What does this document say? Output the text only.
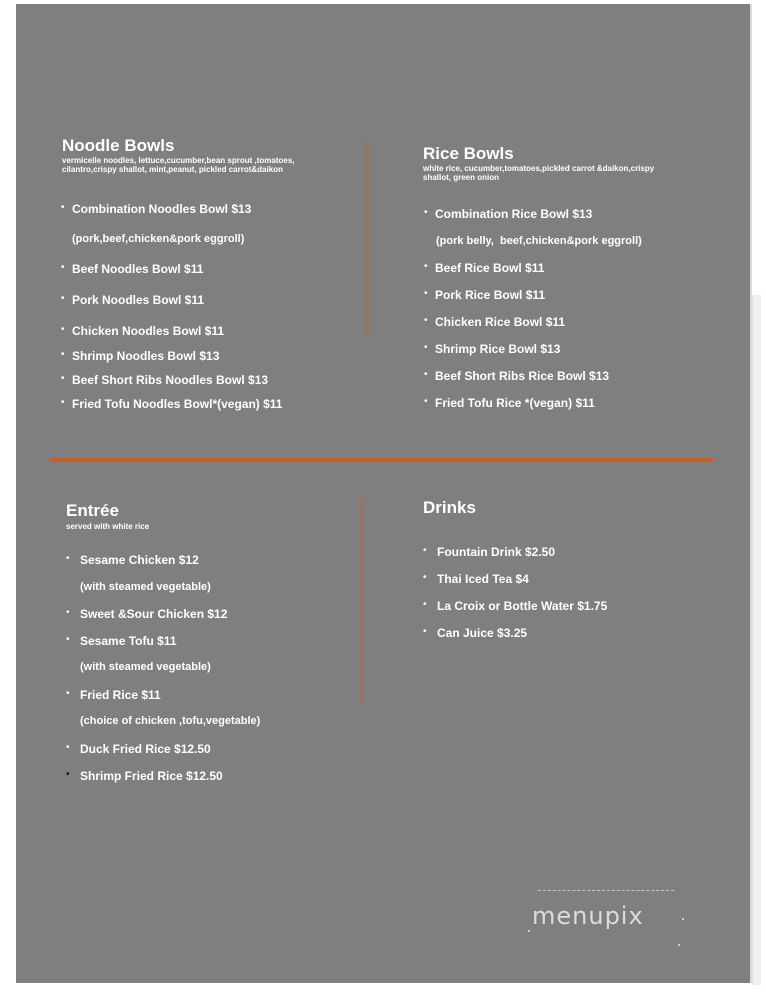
Noodle Bowls

vermicelle noodles, lettuce,cucumber,bean sprout ,tomatoes,
cilantro,crispy shallot, mint,peanut, pickled carrot&daikon

• Combination Noodles Bowl $13
(pork,beef,chicken&pork eggroll)
• Beef Noodles Bowl $11
• Pork Noodles Bowl $11
• Chicken Noodles Bowl $11
• Shrimp Noodles Bowl $13
• Beef Short Ribs Noodles Bowl $13
• Fried Tofu Noodles Bowl*(vegan) $11
Rice Bowls

white rice, cucumber,tomatoes,pickled carrot &daikon,crispy
shallot, green onion

• Combination Rice Bowl $13
(pork belly,  beef,chicken&pork eggroll)
• Beef Rice Bowl $11
• Pork Rice Bowl $11
• Chicken Rice Bowl $11
• Shrimp Rice Bowl $13
• Beef Short Ribs Rice Bowl $13
• Fried Tofu Rice *(vegan) $11
Entrée

served with white rice

• Sesame Chicken $12
(with steamed vegetable)
• Sweet &Sour Chicken $12
• Sesame Tofu $11
(with steamed vegetable)
• Fried Rice $11
(choice of chicken ,tofu,vegetable)
• Duck Fried Rice $12.50
• Shrimp Fried Rice $12.50
Drinks
• Fountain Drink $2.50
• Thai Iced Tea $4
• La Croix or Bottle Water $1.75
• Can Juice $3.25
menupix
